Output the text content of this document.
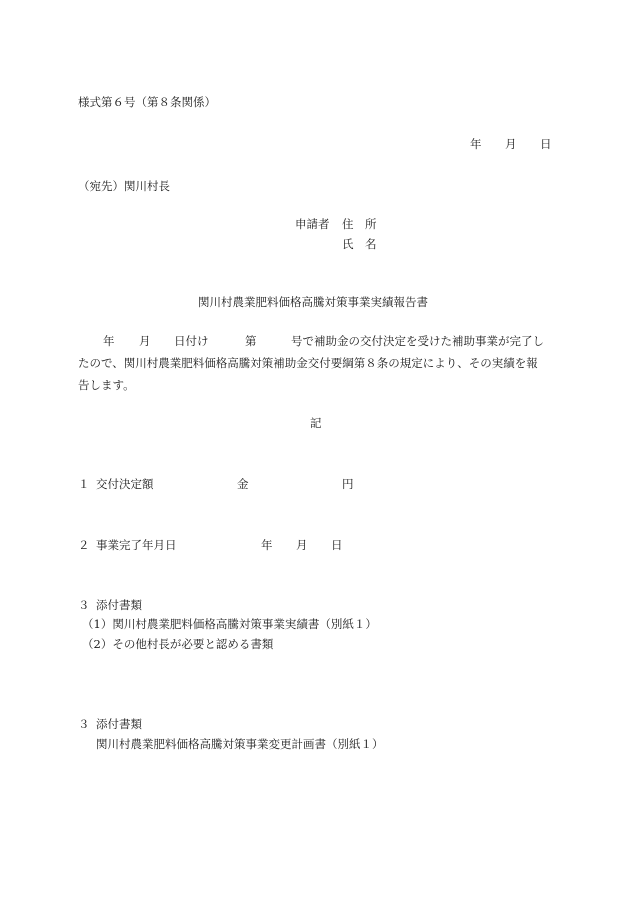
様式第６号（第８条関係）
年 月 日
（宛先）関川村長
申請者 住　所
氏　名
関川村農業肥料価格高騰対策事業実績報告書
年 月 日付け	第	号で補助金の交付決定を受けた補助事業が完了し
たので、関川村農業肥料価格高騰対策補助金交付要綱第８条の規定により、その実績を報
告します。
記
１ 交付決定額	金	円
２ 事業完了年月日	年 月 日
３ 添付書類
（1）関川村農業肥料価格高騰対策事業実績書（別紙１）
（2）その他村長が必要と認める書類
３ 添付書類
関川村農業肥料価格高騰対策事業変更計画書（別紙１）
